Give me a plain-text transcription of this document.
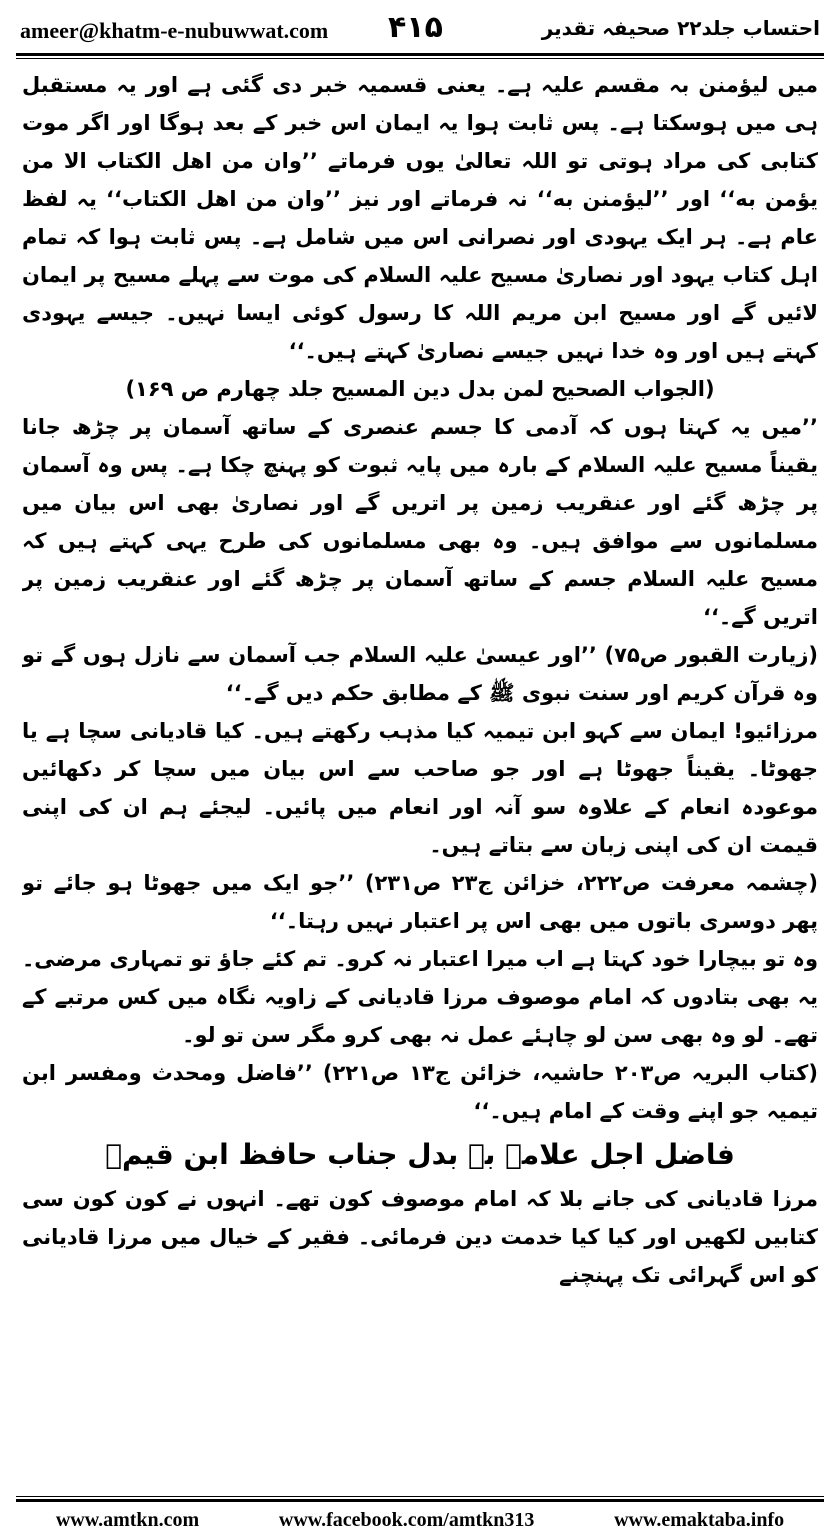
ameer@khatm-e-nubuwwat.com ۴۱۵	احتساب جلد۲۲ صحیفہ تقدیر

میں لیؤمنن بہ مقسم علیہ ہے۔ یعنی قسمیہ خبر دی گئی ہے اور یہ مستقبل ہی میں ہوسکتا ہے۔ پس ثابت ہوا یہ ایمان اس خبر کے بعد ہوگا اور اگر موت کتابی کی مراد ہوتی تو اللہ تعالیٰ یوں فرماتے ’’وان من اهل الکتاب الا من یؤمن به‘‘ اور ’’لیؤمنن به‘‘ نہ فرماتے اور نیز ’’وان من اهل الکتاب‘‘ یہ لفظ عام ہے۔ ہر ایک یہودی اور نصرانی اس میں شامل ہے۔ پس ثابت ہوا کہ تمام اہل کتاب یہود اور نصاریٰ مسیح علیہ السلام کی موت سے پہلے مسیح پر ایمان لائیں گے اور مسیح ابن مریم اللہ کا رسول کوئی ایسا نہیں۔ جیسے یہودی کہتے ہیں اور وہ خدا نہیں جیسے نصاریٰ کہتے ہیں۔‘‘

(الجواب الصحیح لمن بدل دین المسیح جلد چهارم ص ۱۶۹)

’’میں یہ کہتا ہوں کہ آدمی کا جسم عنصری کے ساتھ آسمان پر چڑھ جانا یقیناً مسیح علیہ السلام کے بارہ میں پایہ ثبوت کو پہنچ چکا ہے۔ پس وہ آسمان پر چڑھ گئے اور عنقریب زمین پر اتریں گے اور نصاریٰ بھی اس بیان میں مسلمانوں سے موافق ہیں۔ وہ بھی مسلمانوں کی طرح یہی کہتے ہیں کہ مسیح علیہ السلام جسم کے ساتھ آسمان پر چڑھ گئے اور عنقریب زمین پر اتریں گے۔‘‘

(زیارت القبور ص۷۵) ’’اور عیسیٰ علیہ السلام جب آسمان سے نازل ہوں گے تو وہ قرآن کریم اور سنت نبوی ﷺ کے مطابق حکم دیں گے۔‘‘

مرزائیو! ایمان سے کہو ابن تیمیہ کیا مذہب رکھتے ہیں۔ کیا قادیانی سچا ہے یا جھوٹا۔ یقیناً جھوٹا ہے اور جو صاحب سے اس بیان میں سچا کر دکھائیں موعودہ انعام کے علاوہ سو آنہ اور انعام میں پائیں۔ لیجئے ہم ان کی اپنی قیمت ان کی اپنی زبان سے بتاتے ہیں۔

(چشمہ معرفت ص۲۲۲، خزائن ج۲۳ ص۲۳۱) ’’جو ایک میں جھوٹا ہو جائے تو پھر دوسری باتوں میں بھی اس پر اعتبار نہیں رہتا۔‘‘

وہ تو بیچارا خود کہتا ہے اب میرا اعتبار نہ کرو۔ تم کئے جاؤ تو تمہاری مرضی۔ یہ بھی بتادوں کہ امام موصوف مرزا قادیانی کے زاویہ نگاہ میں کس مرتبے کے تھے۔ لو وہ بھی سن لو چاہئے عمل نہ بھی کرو مگر سن تو لو۔

(کتاب البریہ ص۲۰۳ حاشیہ، خزائن ج۱۳ ص۲۲۱) ’’فاضل ومحدث ومفسر ابن تیمیہ جو اپنے وقت کے امام ہیں۔‘‘

فاضل اجل علامہ بے بدل جناب حافظ ابن قیمؒ

مرزا قادیانی کی جانے بلا کہ امام موصوف کون تھے۔ انہوں نے کون کون سی کتابیں لکھیں اور کیا کیا خدمت دین فرمائی۔ فقیر کے خیال میں مرزا قادیانی کو اس گہرائی تک پہنچنے

www.amtkn.com	www.facebook.com/amtkn313	www.emaktaba.info
